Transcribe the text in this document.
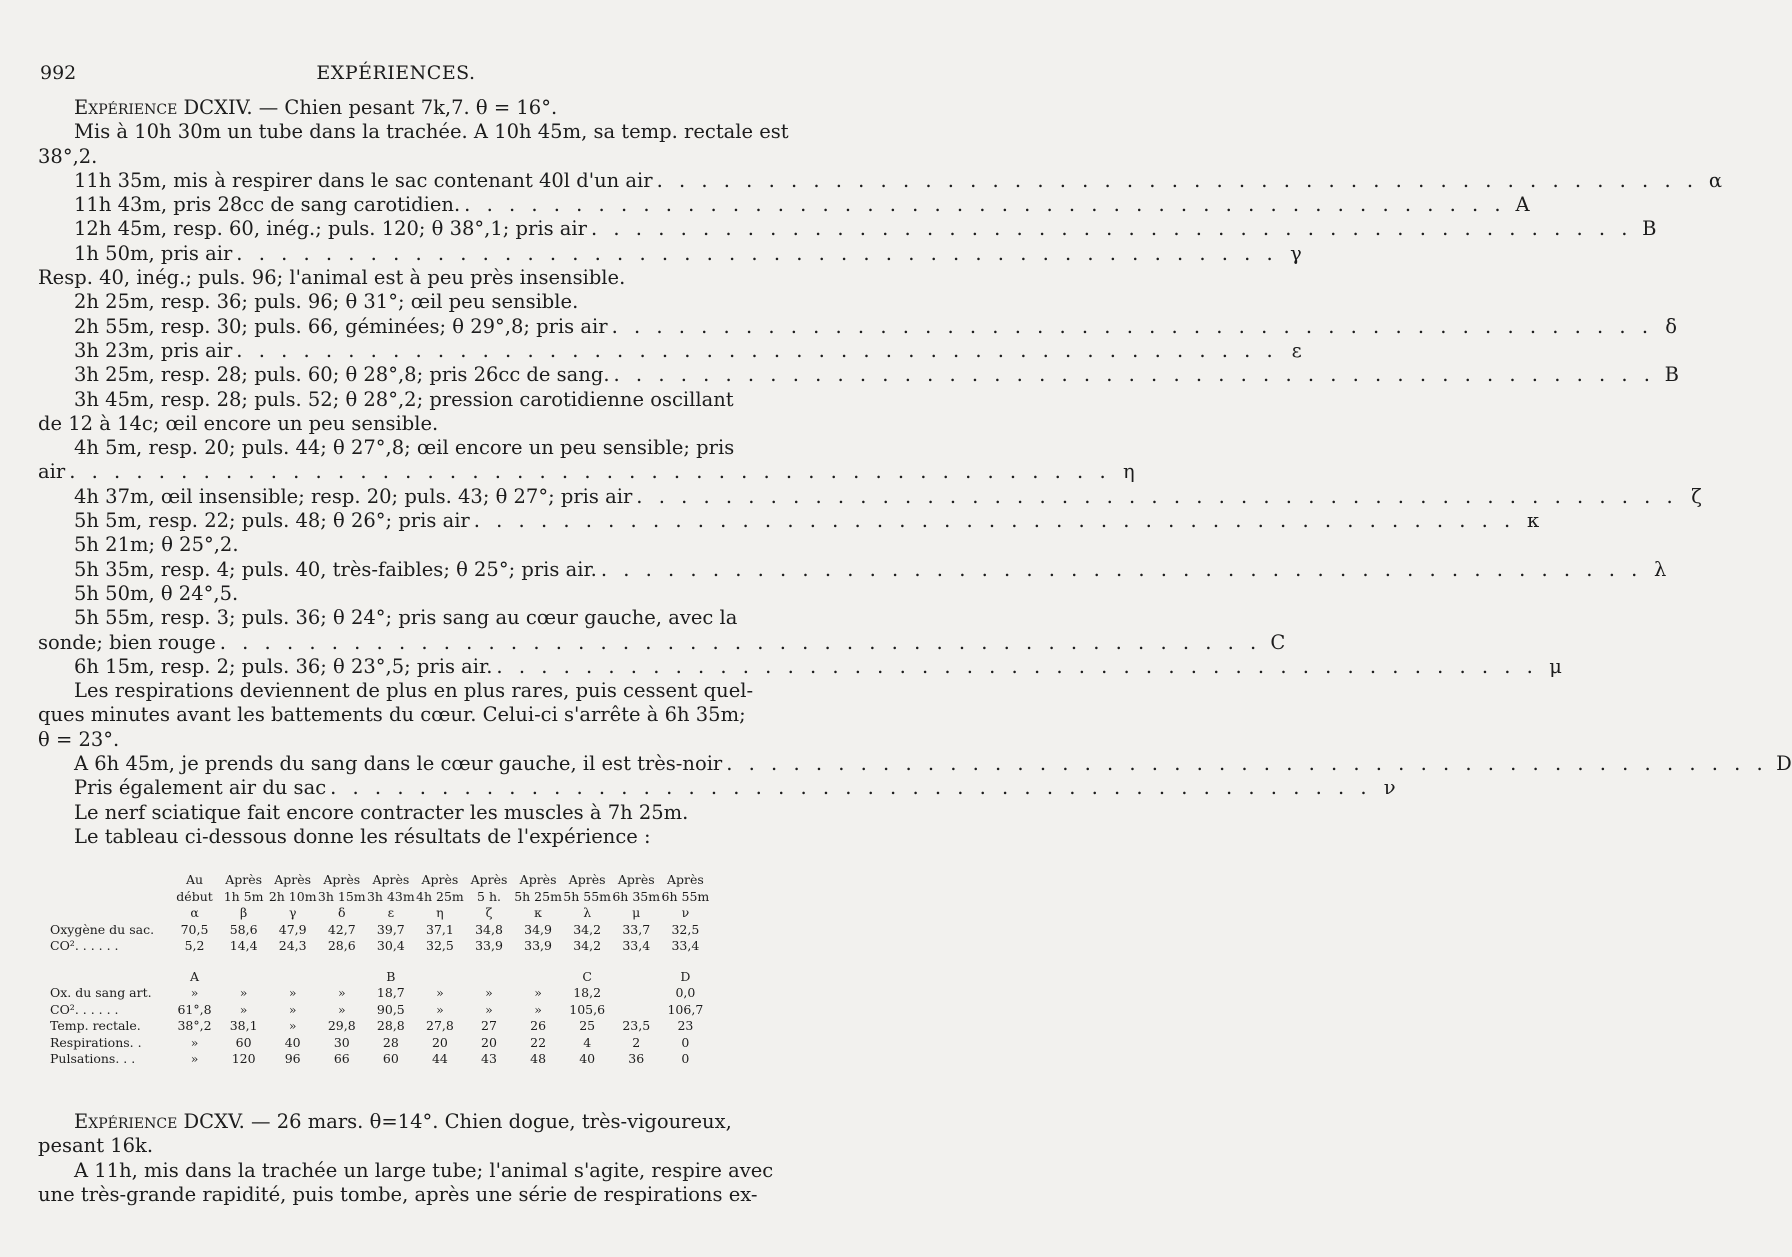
992	EXPÉRIENCES.
Expérience DCXIV. — Chien pesant 7k,7. θ = 16°.
Mis à 10h 30m un tube dans la trachée. A 10h 45m, sa temp. rectale est
38°,2.
11h 35m, mis à respirer dans le sac contenant 40l d'un air . . . . . . . . . . . . . . . . . . . . . . . . . . . . . . . . . . . . . . . . . . . . . . . α
11h 43m, pris 28cc de sang carotidien. . . . . . . . . . . . . . . . . . . . . . . . . . . . . . . . . . . . . . . . . . . . . . . . A
12h 45m, resp. 60, inég.; puls. 120; θ 38°,1; pris air . . . . . . . . . . . . . . . . . . . . . . . . . . . . . . . . . . . . . . . . . . . . . . . B
1h 50m, pris air . . . . . . . . . . . . . . . . . . . . . . . . . . . . . . . . . . . . . . . . . . . . . . . γ
Resp. 40, inég.; puls. 96; l'animal est à peu près insensible.
2h 25m, resp. 36; puls. 96; θ 31°; œil peu sensible.
2h 55m, resp. 30; puls. 66, géminées; θ 29°,8; pris air . . . . . . . . . . . . . . . . . . . . . . . . . . . . . . . . . . . . . . . . . . . . . . . δ
3h 23m, pris air . . . . . . . . . . . . . . . . . . . . . . . . . . . . . . . . . . . . . . . . . . . . . . . ε
3h 25m, resp. 28; puls. 60; θ 28°,8; pris 26cc de sang. . . . . . . . . . . . . . . . . . . . . . . . . . . . . . . . . . . . . . . . . . . . . . . . B
3h 45m, resp. 28; puls. 52; θ 28°,2; pression carotidienne oscillant
de 12 à 14c; œil encore un peu sensible.
4h 5m, resp. 20; puls. 44; θ 27°,8; œil encore un peu sensible; pris
air . . . . . . . . . . . . . . . . . . . . . . . . . . . . . . . . . . . . . . . . . . . . . . . η
4h 37m, œil insensible; resp. 20; puls. 43; θ 27°; pris air . . . . . . . . . . . . . . . . . . . . . . . . . . . . . . . . . . . . . . . . . . . . . . . ζ
5h 5m, resp. 22; puls. 48; θ 26°; pris air . . . . . . . . . . . . . . . . . . . . . . . . . . . . . . . . . . . . . . . . . . . . . . . κ
5h 21m; θ 25°,2.
5h 35m, resp. 4; puls. 40, très-faibles; θ 25°; pris air. . . . . . . . . . . . . . . . . . . . . . . . . . . . . . . . . . . . . . . . . . . . . . . . λ
5h 50m, θ 24°,5.
5h 55m, resp. 3; puls. 36; θ 24°; pris sang au cœur gauche, avec la
sonde; bien rouge . . . . . . . . . . . . . . . . . . . . . . . . . . . . . . . . . . . . . . . . . . . . . . . C
6h 15m, resp. 2; puls. 36; θ 23°,5; pris air. . . . . . . . . . . . . . . . . . . . . . . . . . . . . . . . . . . . . . . . . . . . . . . . μ
Les respirations deviennent de plus en plus rares, puis cessent quel-
ques minutes avant les battements du cœur. Celui-ci s'arrête à 6h 35m;
θ = 23°.
A 6h 45m, je prends du sang dans le cœur gauche, il est très-noir . . . . . . . . . . . . . . . . . . . . . . . . . . . . . . . . . . . . . . . . . . . . . . . D
Pris également air du sac . . . . . . . . . . . . . . . . . . . . . . . . . . . . . . . . . . . . . . . . . . . . . . . ν
Le nerf sciatique fait encore contracter les muscles à 7h 25m.
Le tableau ci-dessous donne les résultats de l'expérience :
	Au	Après	Après	Après	Après	Après	Après	Après	Après	Après	Après
	début	1h 5m	2h 10m	3h 15m	3h 43m	4h 25m	5 h.	5h 25m	5h 55m	6h 35m	6h 55m
	α	β	γ	δ	ε	η	ζ	κ	λ	μ	ν
Oxygène du sac.	70,5	58,6	47,9	42,7	39,7	37,1	34,8	34,9	34,2	33,7	32,5
CO². . . . . .	5,2	14,4	24,3	28,6	30,4	32,5	33,9	33,9	34,2	33,4	33,4

	A				B				C		D
Ox. du sang art.	»	»	»	»	18,7	»	»	»	18,2		0,0
CO². . . . . .	61°,8	»	»	»	90,5	»	»	»	105,6		106,7
Temp. rectale.	38°,2	38,1	»	29,8	28,8	27,8	27	26	25	23,5	23
Respirations. .	»	60	40	30	28	20	20	22	4	2	0
Pulsations. . .	»	120	96	66	60	44	43	48	40	36	0
Expérience DCXV. — 26 mars. θ=14°. Chien dogue, très-vigoureux,
pesant 16k.
A 11h, mis dans la trachée un large tube; l'animal s'agite, respire avec
une très-grande rapidité, puis tombe, après une série de respirations ex-
